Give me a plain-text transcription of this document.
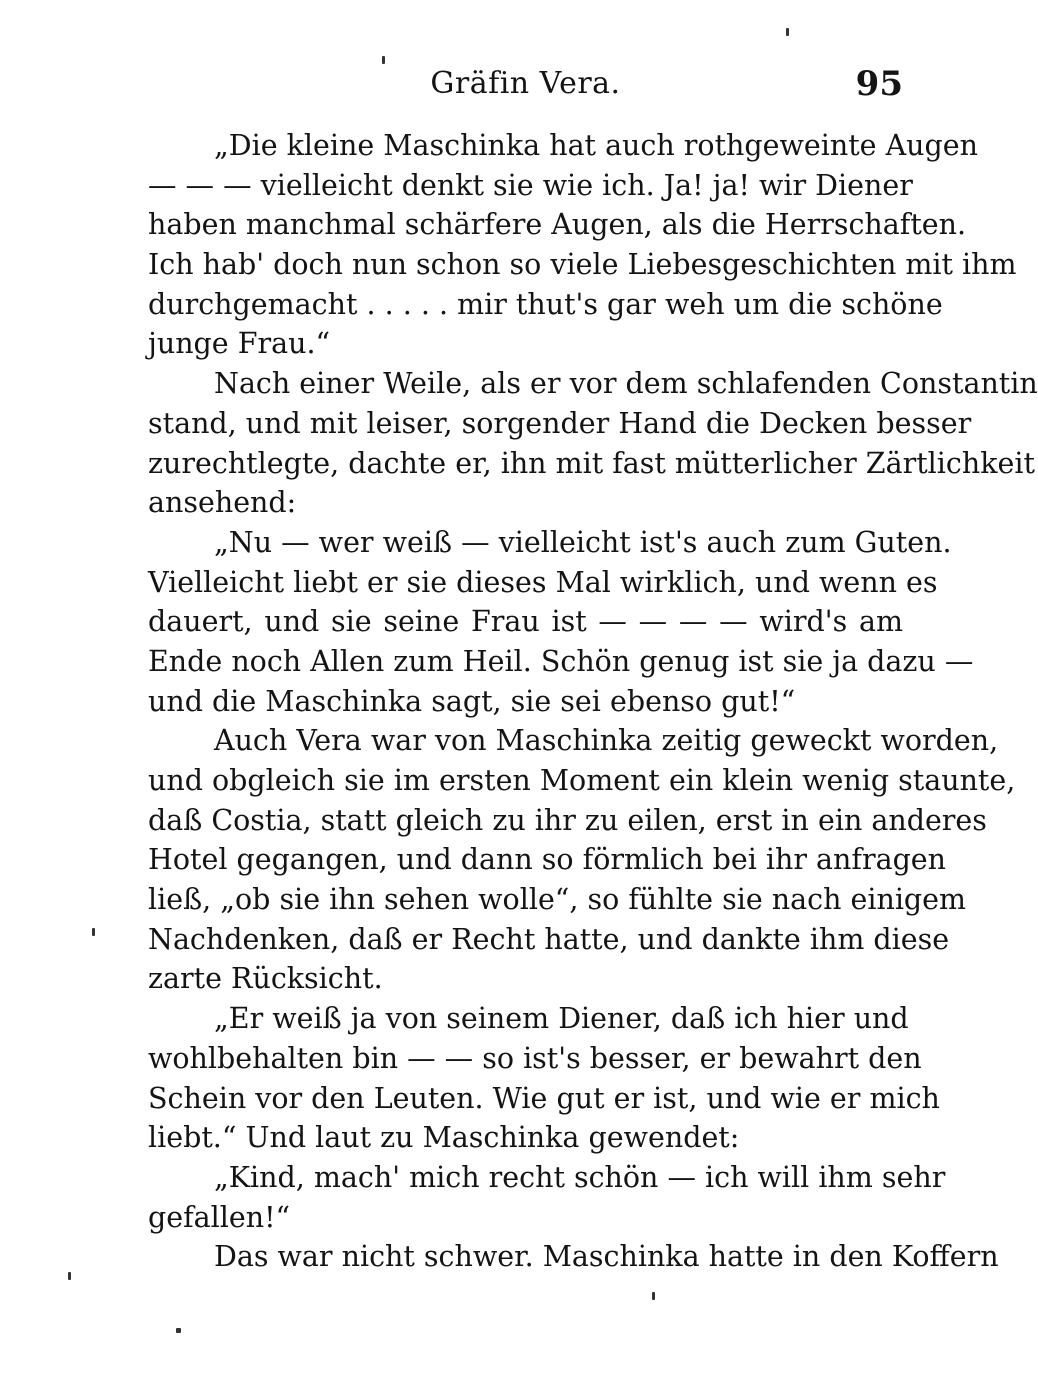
Gräfin Vera.	95
„Die kleine Maschinka hat auch rothgeweinte Augen
— — — vielleicht denkt sie wie ich. Ja! ja! wir Diener
haben manchmal schärfere Augen, als die Herrschaften.
Ich hab' doch nun schon so viele Liebesgeschichten mit ihm
durchgemacht . . . . . mir thut's gar weh um die schöne
junge Frau.“
Nach einer Weile, als er vor dem schlafenden Constantin
stand, und mit leiser, sorgender Hand die Decken besser
zurechtlegte, dachte er, ihn mit fast mütterlicher Zärtlichkeit
ansehend:
„Nu — wer weiß — vielleicht ist's auch zum Guten.
Vielleicht liebt er sie dieses Mal wirklich, und wenn es
dauert, und sie seine Frau ist — — — — wird's am
Ende noch Allen zum Heil. Schön genug ist sie ja dazu —
und die Maschinka sagt, sie sei ebenso gut!“
Auch Vera war von Maschinka zeitig geweckt worden,
und obgleich sie im ersten Moment ein klein wenig staunte,
daß Costia, statt gleich zu ihr zu eilen, erst in ein anderes
Hotel gegangen, und dann so förmlich bei ihr anfragen
ließ, „ob sie ihn sehen wolle“, so fühlte sie nach einigem
Nachdenken, daß er Recht hatte, und dankte ihm diese
zarte Rücksicht.
„Er weiß ja von seinem Diener, daß ich hier und
wohlbehalten bin — — so ist's besser, er bewahrt den
Schein vor den Leuten. Wie gut er ist, und wie er mich
liebt.“ Und laut zu Maschinka gewendet:
„Kind, mach' mich recht schön — ich will ihm sehr
gefallen!“
Das war nicht schwer. Maschinka hatte in den Koffern
